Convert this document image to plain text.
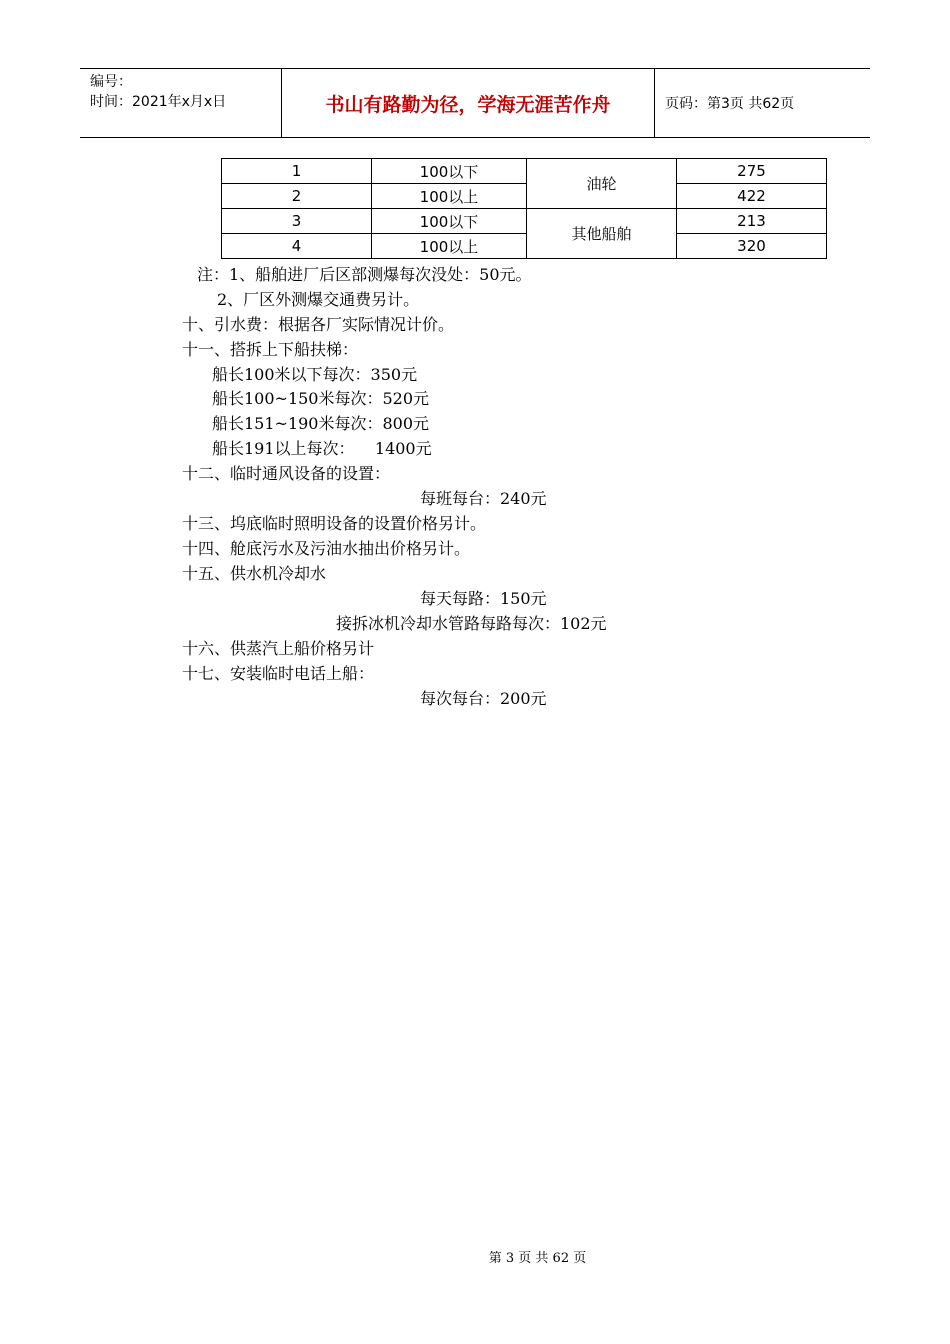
编号：
时间：2021年x月x日	书山有路勤为径，学海无涯苦作舟	页码：第3页 共62页
1	100以下	油轮	275
2	100以上		422
3	100以下	其他船舶	213
4	100以上		320
注：1、船舶进厂后区部测爆每次没处：50元。
2、厂区外测爆交通费另计。
十、引水费：根据各厂实际情况计价。
十一、搭拆上下船扶梯：
船长100米以下每次：350元
船长100~150米每次：520元
船长151~190米每次：800元
船长191以上每次：    1400元
十二、临时通风设备的设置：
每班每台：240元
十三、坞底临时照明设备的设置价格另计。
十四、舱底污水及污油水抽出价格另计。
十五、供水机冷却水
每天每路：150元
接拆冰机冷却水管路每路每次：102元
十六、供蒸汽上船价格另计
十七、安装临时电话上船：
每次每台：200元
第 3 页 共 62 页
